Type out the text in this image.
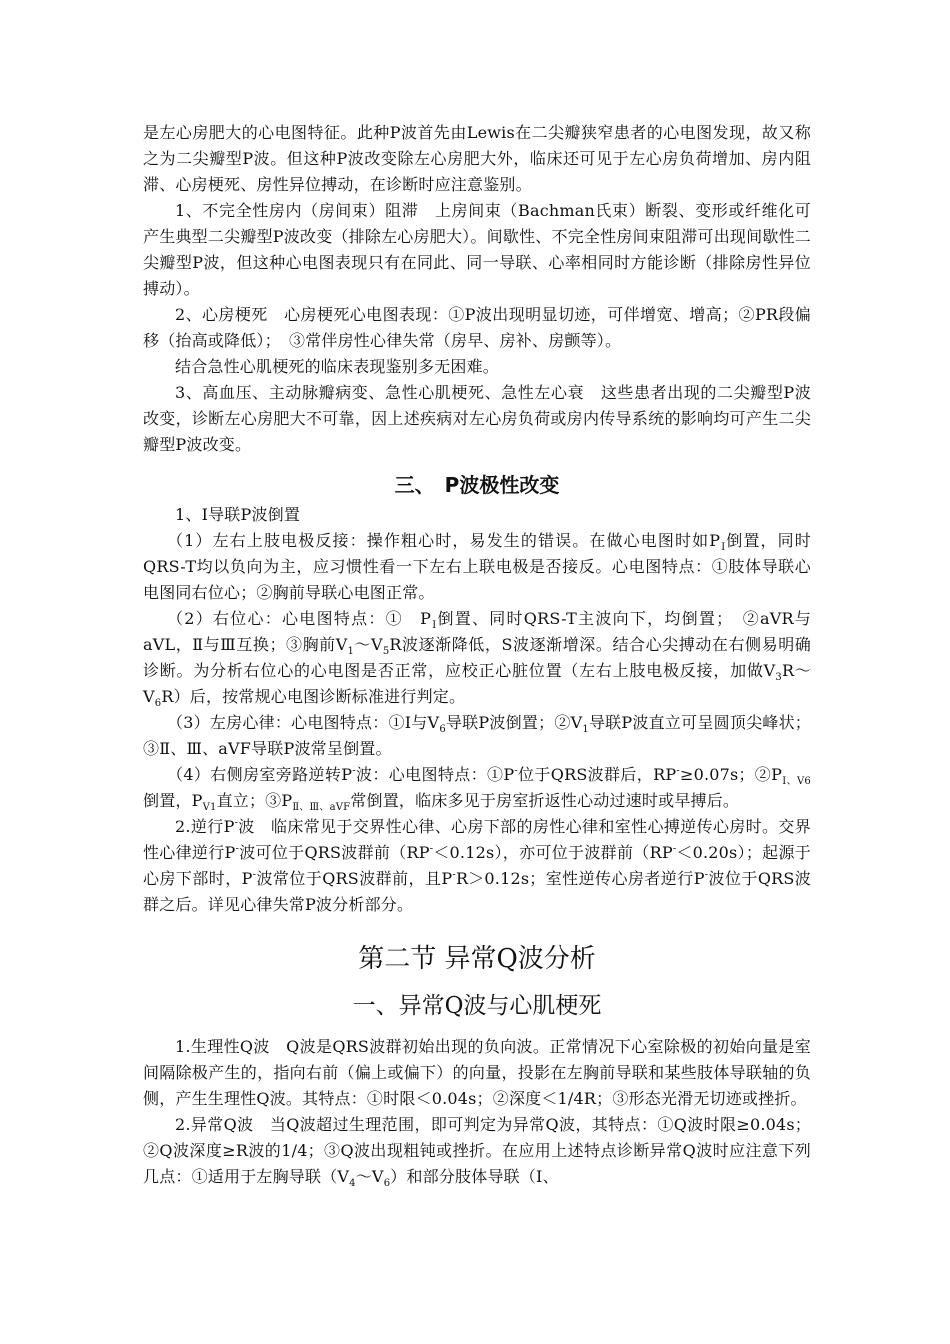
是左心房肥大的心电图特征。此种P波首先由Lewis在二尖瓣狭窄患者的心电图发现，故又称之为二尖瓣型P波。但这种P波改变除左心房肥大外，临床还可见于左心房负荷增加、房内阻滞、心房梗死、房性异位搏动，在诊断时应注意鉴别。

1、不完全性房内（房间束）阻滞　上房间束（Bachman氏束）断裂、变形或纤维化可产生典型二尖瓣型P波改变（排除左心房肥大）。间歇性、不完全性房间束阻滞可出现间歇性二尖瓣型P波，但这种心电图表现只有在同此、同一导联、心率相同时方能诊断（排除房性异位搏动）。

2、心房梗死　心房梗死心电图表现：①P波出现明显切迹，可伴增宽、增高；②PR段偏移（抬高或降低）；　③常伴房性心律失常（房早、房补、房颤等）。

结合急性心肌梗死的临床表现鉴别多无困难。

3、高血压、主动脉瓣病变、急性心肌梗死、急性左心衰　这些患者出现的二尖瓣型P波改变，诊断左心房肥大不可靠，因上述疾病对左心房负荷或房内传导系统的影响均可产生二尖瓣型P波改变。

三、　P波极性改变

1、Ⅰ导联P波倒置

（1）左右上肢电极反接：操作粗心时，易发生的错误。在做心电图时如$P_Ⅰ$倒置，同时QRS-T均以负向为主，应习惯性看一下左右上联电极是否接反。心电图特点：①肢体导联心电图同右位心；②胸前导联心电图正常。

（2）右位心：心电图特点：①　$P_Ⅰ$倒置、同时QRS-T主波向下，均倒置；　②aVR与aVL，Ⅱ与Ⅲ互换；③胸前$V_1\sim V_5R$波逐渐降低，S波逐渐增深。结合心尖搏动在右侧易明确诊断。为分析右位心的心电图是否正常，应校正心脏位置（左右上肢电极反接，加做$V_3R\sim V_6R$）后，按常规心电图诊断标准进行判定。

（3）左房心律：心电图特点：①Ⅰ与$V_6$导联P波倒置；$②V_1$导联P波直立可呈圆顶尖峰状；③Ⅱ、Ⅲ、aVF导联P波常呈倒置。

（4）右侧房室旁路逆转P-波：心电图特点：①P-位于QRS波群后，RP-≥0.07s；$②P_{Ⅰ、V6}$倒置，$P_{V1}$直立；$③P_{Ⅱ、Ⅲ、aVF}$常倒置，临床多见于房室折返性心动过速时或早搏后。

2.逆行P-波　临床常见于交界性心律、心房下部的房性心律和室性心搏逆传心房时。交界性心律逆行P-波可位于QRS波群前（RP-＜0.12s），亦可位于波群前（RP-＜0.20s）；起源于心房下部时，P-波常位于QRS波群前，且P-R＞0.12s；室性逆传心房者逆行P-波位于QRS波群之后。详见心律失常P波分析部分。

第二节 异常Q波分析
一、异常Q波与心肌梗死

1.生理性Q波　Q波是QRS波群初始出现的负向波。正常情况下心室除极的初始向量是室间隔除极产生的，指向右前（偏上或偏下）的向量，投影在左胸前导联和某些肢体导联轴的负侧，产生生理性Q波。其特点：①时限＜0.04s；②深度＜1/4R；③形态光滑无切迹或挫折。

2.异常Q波　当Q波超过生理范围，即可判定为异常Q波，其特点：①Q波时限≥0.04s；②Q波深度≥R波的1/4；③Q波出现粗钝或挫折。在应用上述特点诊断异常Q波时应注意下列几点：①适用于左胸导联$(V_4\sim V_6)$和部分肢体导联（Ⅰ、
